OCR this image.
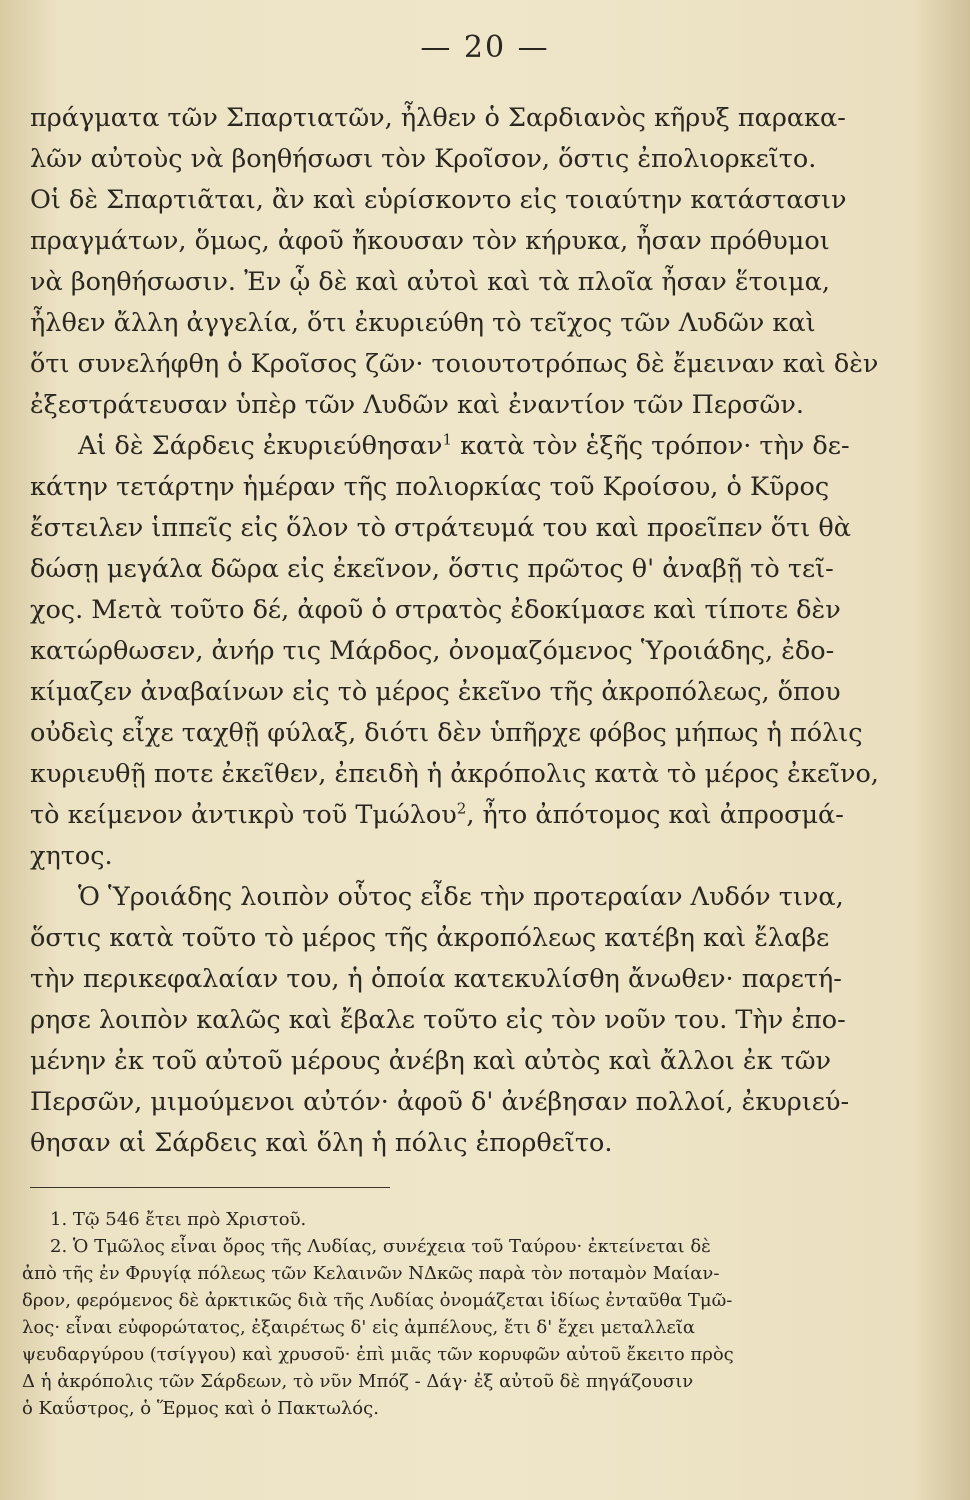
— 20 —
πράγματα τῶν Σπαρτιατῶν, ἦλθεν ὁ Σαρδιανὸς κῆρυξ παρακα-
λῶν αὐτοὺς νὰ βοηθήσωσι τὸν Κροῖσον, ὅστις ἐπολιορκεῖτο.
Οἱ δὲ Σπαρτιᾶται, ἂν καὶ εὑρίσκοντο εἰς τοιαύτην κατάστασιν
πραγμάτων, ὅμως, ἀφοῦ ἤκουσαν τὸν κήρυκα, ἦσαν πρόθυμοι
νὰ βοηθήσωσιν. Ἐν ᾧ δὲ καὶ αὐτοὶ καὶ τὰ πλοῖα ἦσαν ἕτοιμα,
ἦλθεν ἄλλη ἀγγελία, ὅτι ἐκυριεύθη τὸ τεῖχος τῶν Λυδῶν καὶ
ὅτι συνελήφθη ὁ Κροῖσος ζῶν· τοιουτοτρόπως δὲ ἔμειναν καὶ δὲν
ἐξεστράτευσαν ὑπὲρ τῶν Λυδῶν καὶ ἐναντίον τῶν Περσῶν.
Αἱ δὲ Σάρδεις ἐκυριεύθησαν$^1$ κατὰ τὸν ἑξῆς τρόπον· τὴν δε-
κάτην τετάρτην ἡμέραν τῆς πολιορκίας τοῦ Κροίσου, ὁ Κῦρος
ἔστειλεν ἱππεῖς εἰς ὅλον τὸ στράτευμά του καὶ προεῖπεν ὅτι θὰ
δώσῃ μεγάλα δῶρα εἰς ἐκεῖνον, ὅστις πρῶτος θ' ἀναβῇ τὸ τεῖ-
χος. Μετὰ τοῦτο δέ, ἀφοῦ ὁ στρατὸς ἐδοκίμασε καὶ τίποτε δὲν
κατώρθωσεν, ἀνήρ τις Μάρδος, ὀνομαζόμενος Ὑροιάδης, ἐδο-
κίμαζεν ἀναβαίνων εἰς τὸ μέρος ἐκεῖνο τῆς ἀκροπόλεως, ὅπου
οὐδεὶς εἶχε ταχθῇ φύλαξ, διότι δὲν ὑπῆρχε φόβος μήπως ἡ πόλις
κυριευθῇ ποτε ἐκεῖθεν, ἐπειδὴ ἡ ἀκρόπολις κατὰ τὸ μέρος ἐκεῖνο,
τὸ κείμενον ἀντικρὺ τοῦ Τμώλου$^2$, ἦτο ἀπότομος καὶ ἀπροσμά-
χητος.
Ὁ Ὑροιάδης λοιπὸν οὗτος εἶδε τὴν προτεραίαν Λυδόν τινα,
ὅστις κατὰ τοῦτο τὸ μέρος τῆς ἀκροπόλεως κατέβη καὶ ἔλαβε
τὴν περικεφαλαίαν του, ἡ ὁποία κατεκυλίσθη ἄνωθεν· παρετή-
ρησε λοιπὸν καλῶς καὶ ἔβαλε τοῦτο εἰς τὸν νοῦν του. Τὴν ἐπο-
μένην ἐκ τοῦ αὐτοῦ μέρους ἀνέβη καὶ αὐτὸς καὶ ἄλλοι ἐκ τῶν
Περσῶν, μιμούμενοι αὐτόν· ἀφοῦ δ' ἀνέβησαν πολλοί, ἐκυριεύ-
θησαν αἱ Σάρδεις καὶ ὅλη ἡ πόλις ἐπορθεῖτο.
1. Τῷ 546 ἔτει πρὸ Χριστοῦ.
2. Ὁ Τμῶλος εἶναι ὄρος τῆς Λυδίας, συνέχεια τοῦ Ταύρου· ἐκτείνεται δὲ
ἀπὸ τῆς ἐν Φρυγίᾳ πόλεως τῶν Κελαινῶν ΝΔκῶς παρὰ τὸν ποταμὸν Μαίαν-
δρον, φερόμενος δὲ ἀρκτικῶς διὰ τῆς Λυδίας ὀνομάζεται ἰδίως ἐνταῦθα Τμῶ-
λος· εἶναι εὐφορώτατος, ἐξαιρέτως δ' εἰς ἀμπέλους, ἔτι δ' ἔχει μεταλλεῖα
ψευδαργύρου (τσίγγου) καὶ χρυσοῦ· ἐπὶ μιᾶς τῶν κορυφῶν αὐτοῦ ἔκειτο πρὸς
Δ ἡ ἀκρόπολις τῶν Σάρδεων, τὸ νῦν Μπόζ - Δάγ· ἐξ αὐτοῦ δὲ πηγάζουσιν
ὁ Καΰστρος, ὁ Ἕρμος καὶ ὁ Πακτωλός.
